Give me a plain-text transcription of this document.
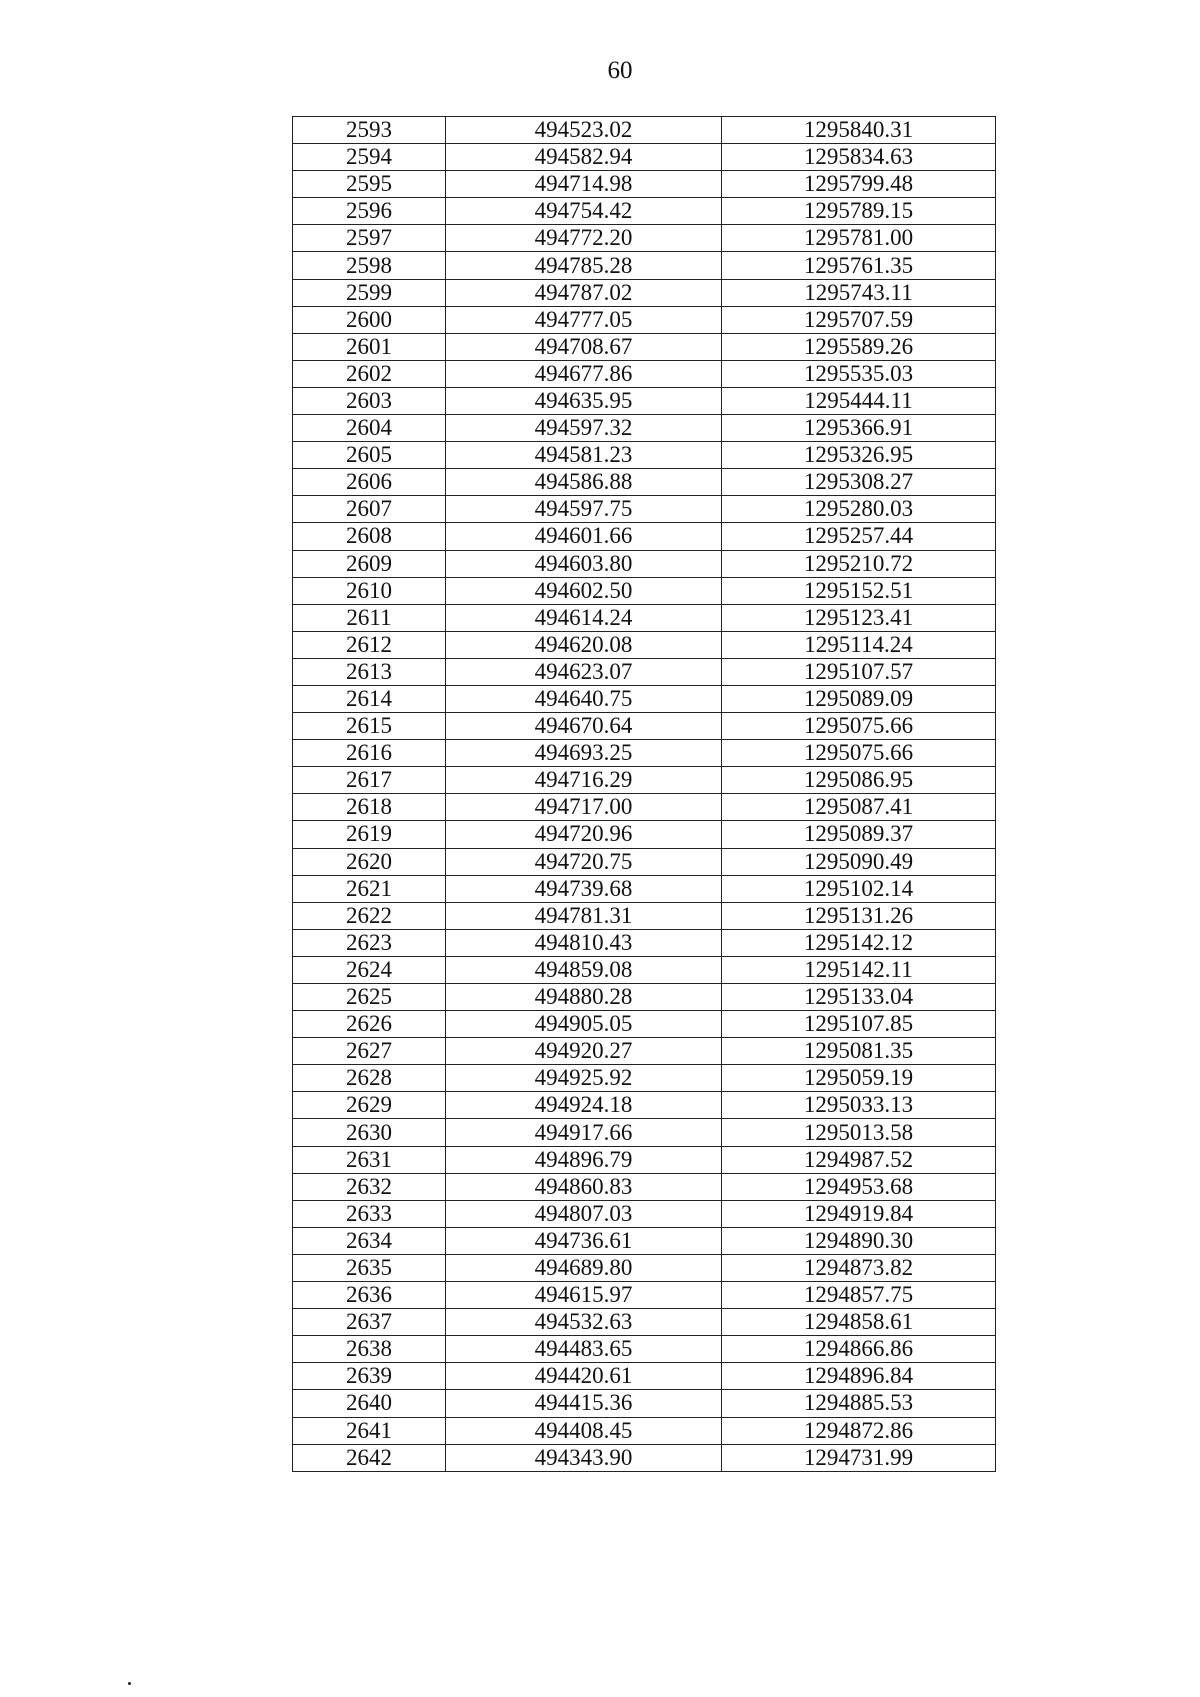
60
2593	494523.02	1295840.31
2594	494582.94	1295834.63
2595	494714.98	1295799.48
2596	494754.42	1295789.15
2597	494772.20	1295781.00
2598	494785.28	1295761.35
2599	494787.02	1295743.11
2600	494777.05	1295707.59
2601	494708.67	1295589.26
2602	494677.86	1295535.03
2603	494635.95	1295444.11
2604	494597.32	1295366.91
2605	494581.23	1295326.95
2606	494586.88	1295308.27
2607	494597.75	1295280.03
2608	494601.66	1295257.44
2609	494603.80	1295210.72
2610	494602.50	1295152.51
2611	494614.24	1295123.41
2612	494620.08	1295114.24
2613	494623.07	1295107.57
2614	494640.75	1295089.09
2615	494670.64	1295075.66
2616	494693.25	1295075.66
2617	494716.29	1295086.95
2618	494717.00	1295087.41
2619	494720.96	1295089.37
2620	494720.75	1295090.49
2621	494739.68	1295102.14
2622	494781.31	1295131.26
2623	494810.43	1295142.12
2624	494859.08	1295142.11
2625	494880.28	1295133.04
2626	494905.05	1295107.85
2627	494920.27	1295081.35
2628	494925.92	1295059.19
2629	494924.18	1295033.13
2630	494917.66	1295013.58
2631	494896.79	1294987.52
2632	494860.83	1294953.68
2633	494807.03	1294919.84
2634	494736.61	1294890.30
2635	494689.80	1294873.82
2636	494615.97	1294857.75
2637	494532.63	1294858.61
2638	494483.65	1294866.86
2639	494420.61	1294896.84
2640	494415.36	1294885.53
2641	494408.45	1294872.86
2642	494343.90	1294731.99
